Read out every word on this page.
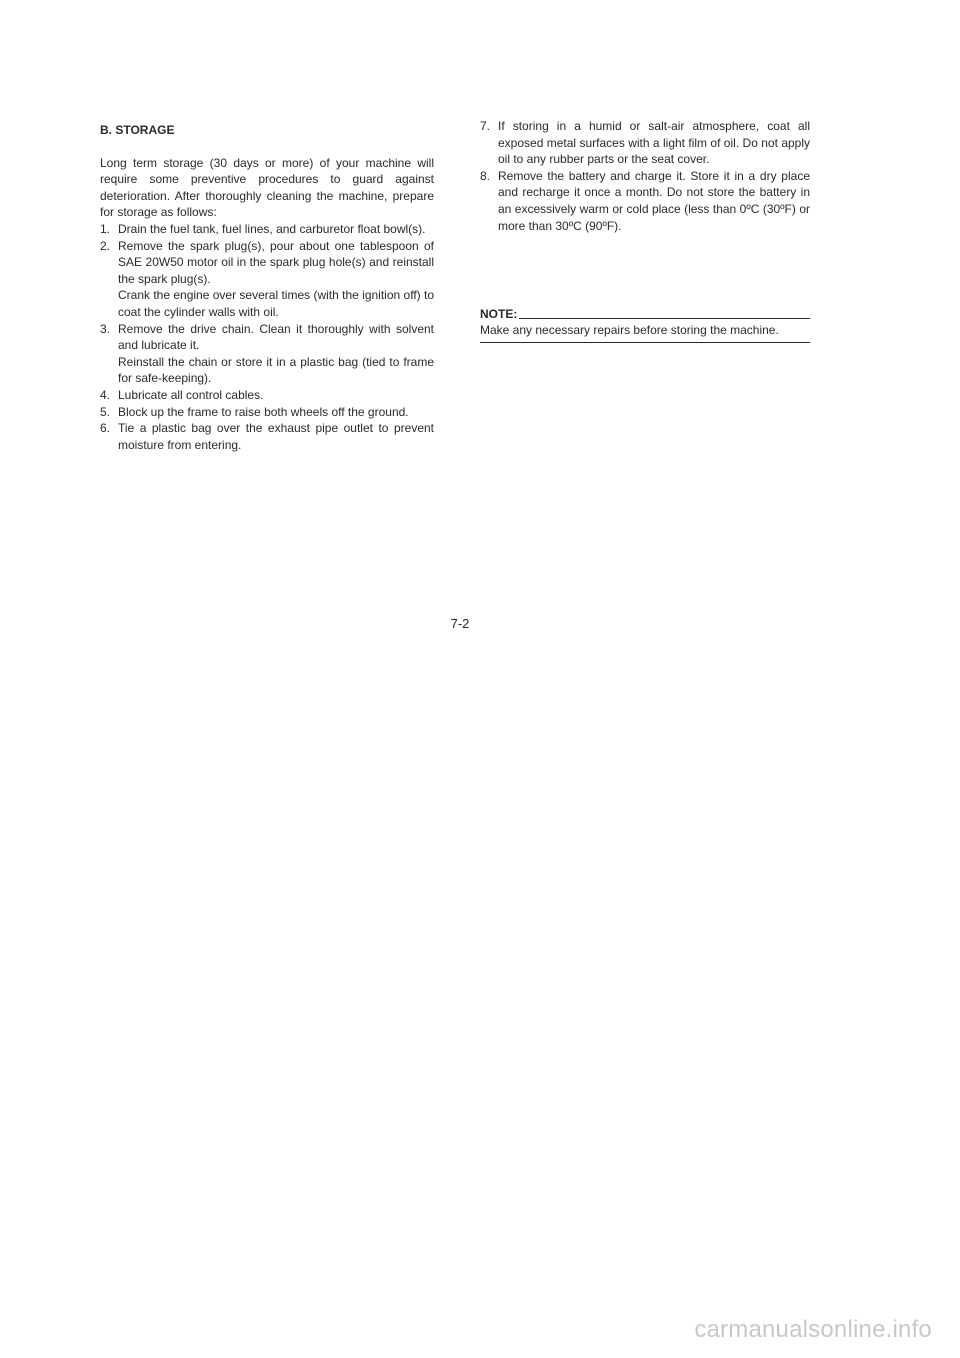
B. STORAGE

Long term storage (30 days or more) of your machine will require some preventive procedures to guard against deterioration. After thoroughly cleaning the machine, prepare for storage as follows:

1. Drain the fuel tank, fuel lines, and carburetor float bowl(s).
2. Remove the spark plug(s), pour about one tablespoon of SAE 20W50 motor oil in the spark plug hole(s) and reinstall the spark plug(s).
Crank the engine over several times (with the ignition off) to coat the cylinder walls with oil.
3. Remove the drive chain. Clean it thoroughly with solvent and lubricate it.
Reinstall the chain or store it in a plastic bag (tied to frame for safe-keeping).
4. Lubricate all control cables.
5. Block up the frame to raise both wheels off the ground.
6. Tie a plastic bag over the exhaust pipe outlet to prevent moisture from entering.
7. If storing in a humid or salt-air atmosphere, coat all exposed metal surfaces with a light film of oil. Do not apply oil to any rubber parts or the seat cover.
8. Remove the battery and charge it. Store it in a dry place and recharge it once a month. Do not store the battery in an excessively warm or cold place (less than 0ºC (30ºF) or more than 30ºC (90ºF).
NOTE:

Make any necessary repairs before storing the machine.

7-2
carmanualsonline.info
